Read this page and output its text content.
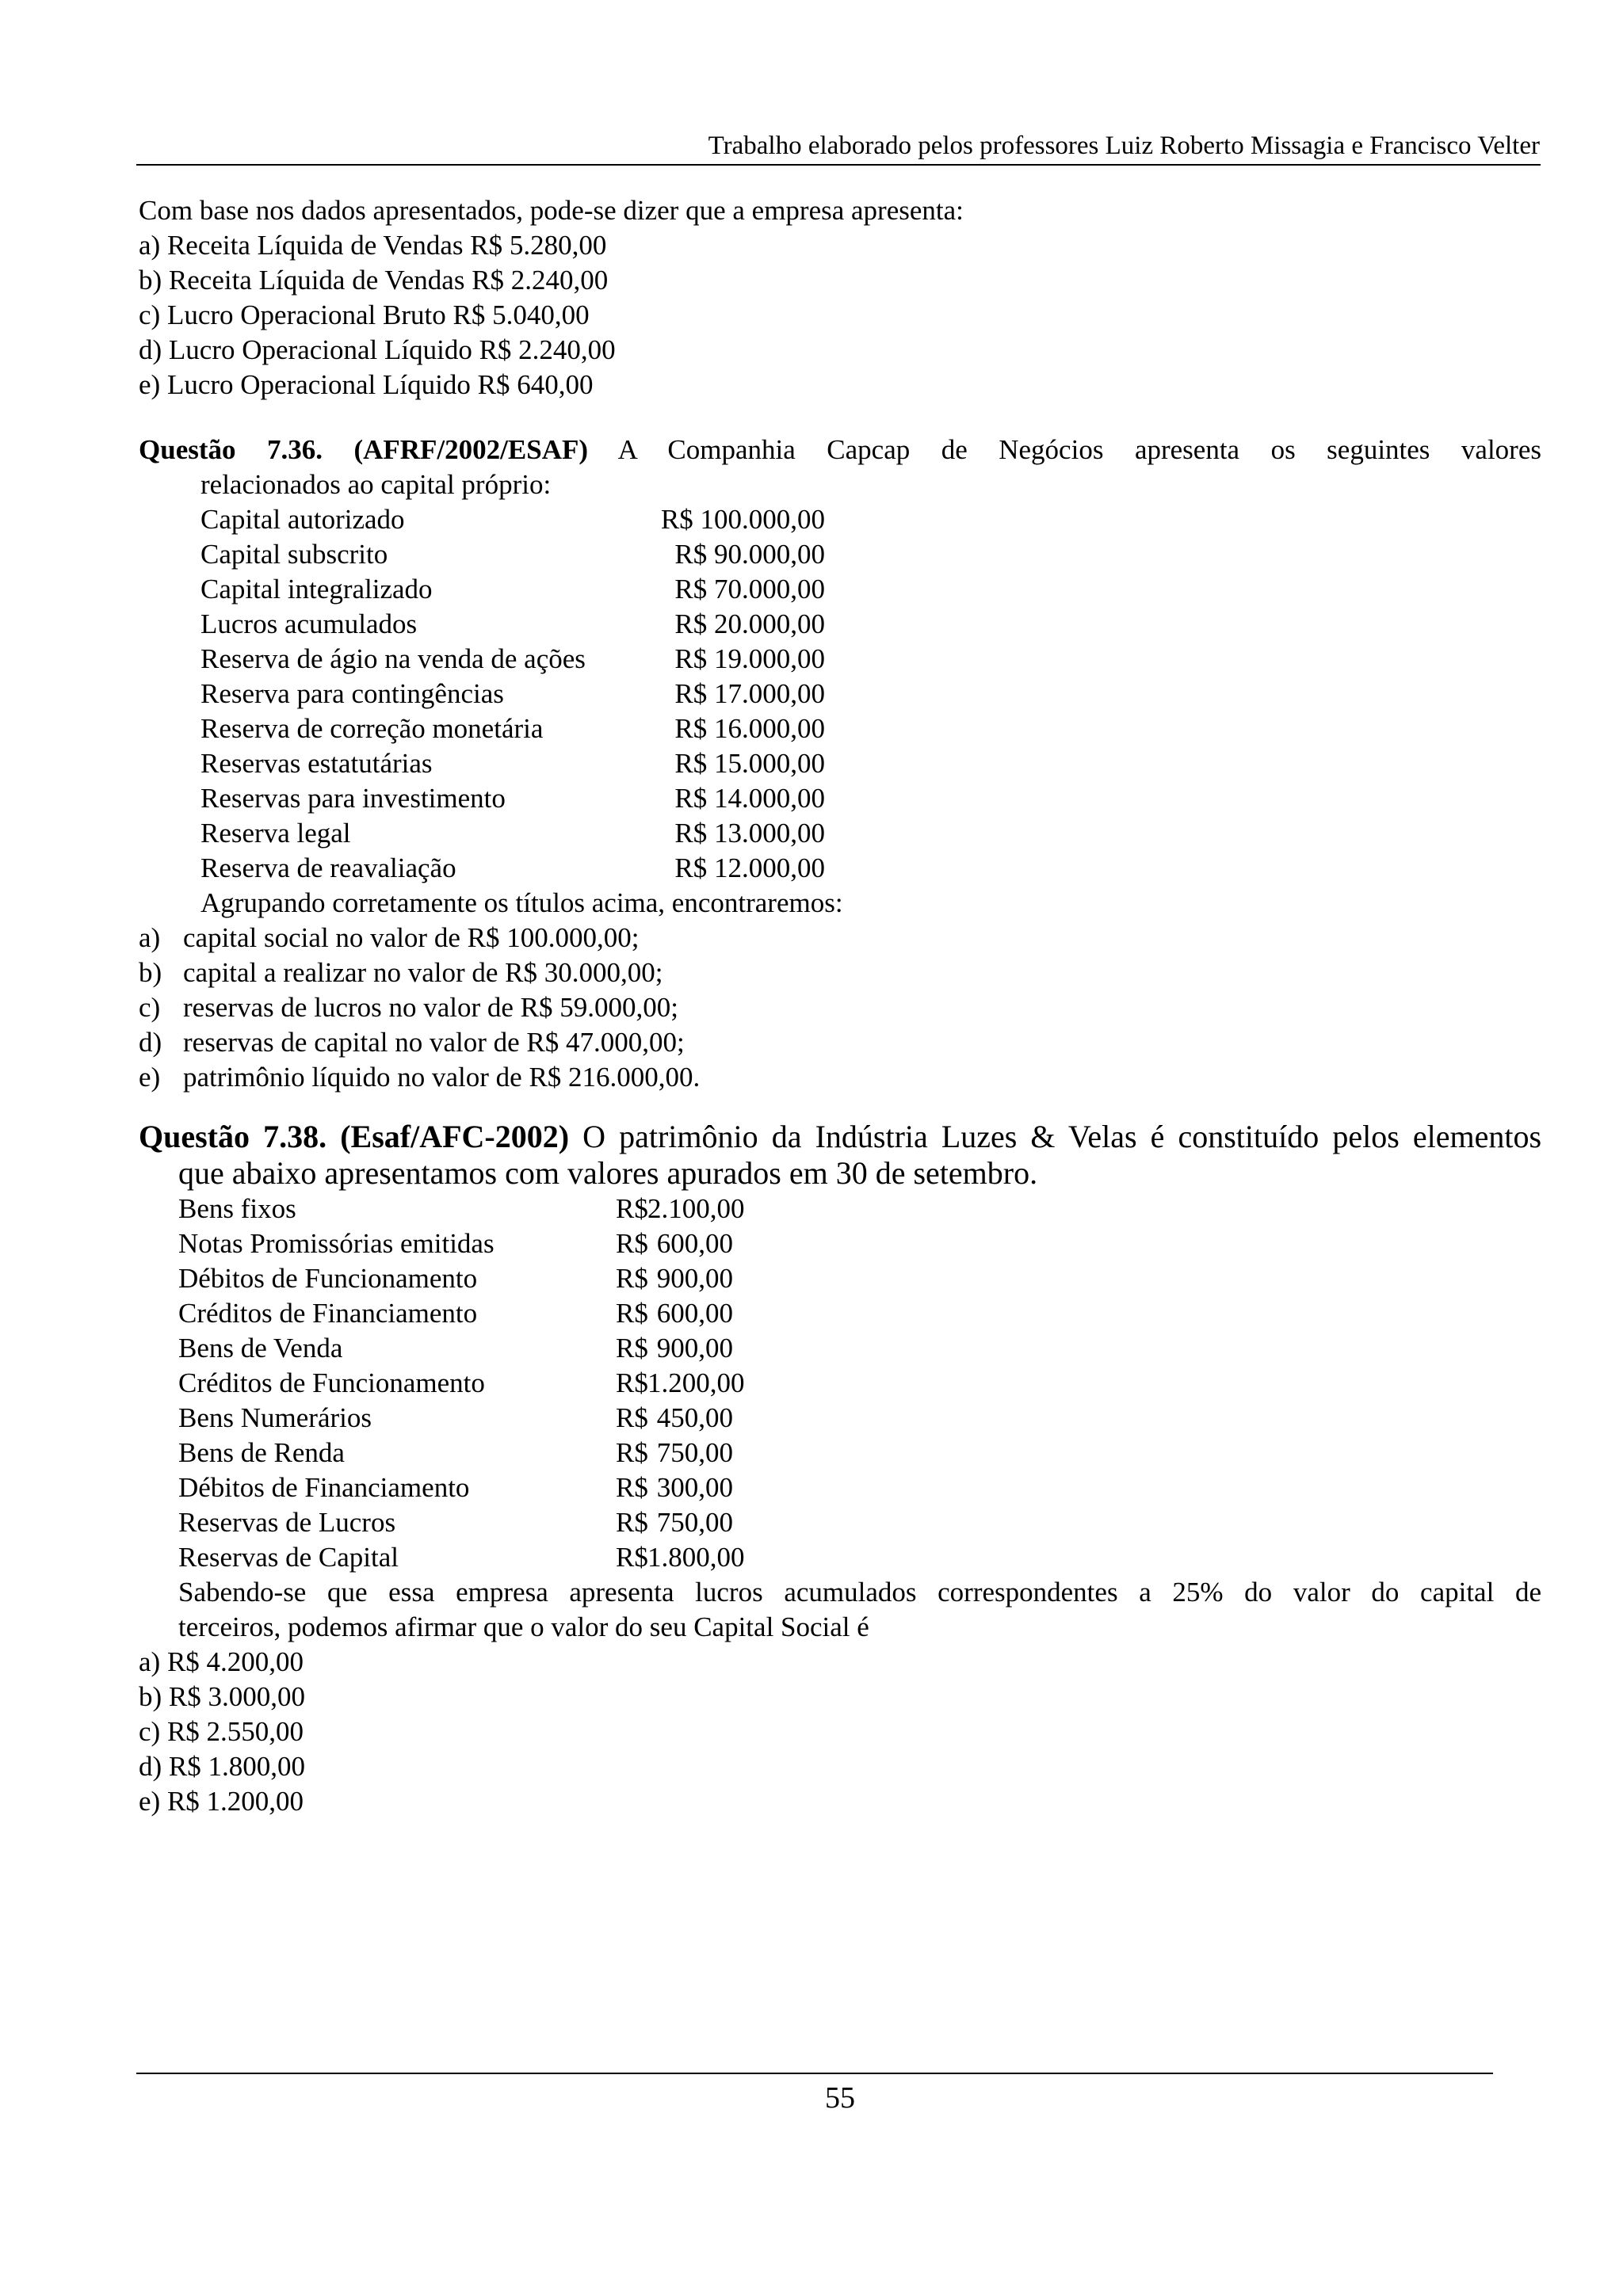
Trabalho elaborado pelos professores Luiz Roberto Missagia e Francisco Velter
Com base nos dados apresentados, pode-se dizer que a empresa apresenta:
a) Receita Líquida de Vendas R$ 5.280,00
b) Receita Líquida de Vendas R$ 2.240,00
c) Lucro Operacional Bruto R$ 5.040,00
d) Lucro Operacional Líquido R$ 2.240,00
e) Lucro Operacional Líquido R$ 640,00
Questão 7.36. (AFRF/2002/ESAF) A Companhia Capcap de Negócios apresenta os seguintes valores
relacionados ao capital próprio:
Capital autorizado	R$ 100.000,00
Capital subscrito	R$ 90.000,00
Capital integralizado	R$ 70.000,00
Lucros acumulados	R$ 20.000,00
Reserva de ágio na venda de ações	R$ 19.000,00
Reserva para contingências	R$ 17.000,00
Reserva de correção monetária	R$ 16.000,00
Reservas estatutárias	R$ 15.000,00
Reservas para investimento	R$ 14.000,00
Reserva legal	R$ 13.000,00
Reserva de reavaliação	R$ 12.000,00
Agrupando corretamente os títulos acima, encontraremos:
a) capital social no valor de R$ 100.000,00;
b) capital a realizar no valor de R$ 30.000,00;
c) reservas de lucros no valor de R$ 59.000,00;
d) reservas de capital no valor de R$ 47.000,00;
e) patrimônio líquido no valor de R$ 216.000,00.
Questão 7.38. (Esaf/AFC-2002) O patrimônio da Indústria Luzes & Velas é constituído pelos elementos
que abaixo apresentamos com valores apurados em 30 de setembro.
Bens fixos	R$ 2.100,00
Notas Promissórias emitidas	R$ 600,00
Débitos de Funcionamento	R$ 900,00
Créditos de Financiamento	R$ 600,00
Bens de Venda	R$ 900,00
Créditos de Funcionamento	R$ 1.200,00
Bens Numerários	R$ 450,00
Bens de Renda	R$ 750,00
Débitos de Financiamento	R$ 300,00
Reservas de Lucros	R$ 750,00
Reservas de Capital	R$ 1.800,00
Sabendo-se que essa empresa apresenta lucros acumulados correspondentes a 25% do valor do capital de
terceiros, podemos afirmar que o valor do seu Capital Social é
a) R$ 4.200,00
b) R$ 3.000,00
c) R$ 2.550,00
d) R$ 1.800,00
e) R$ 1.200,00
55
